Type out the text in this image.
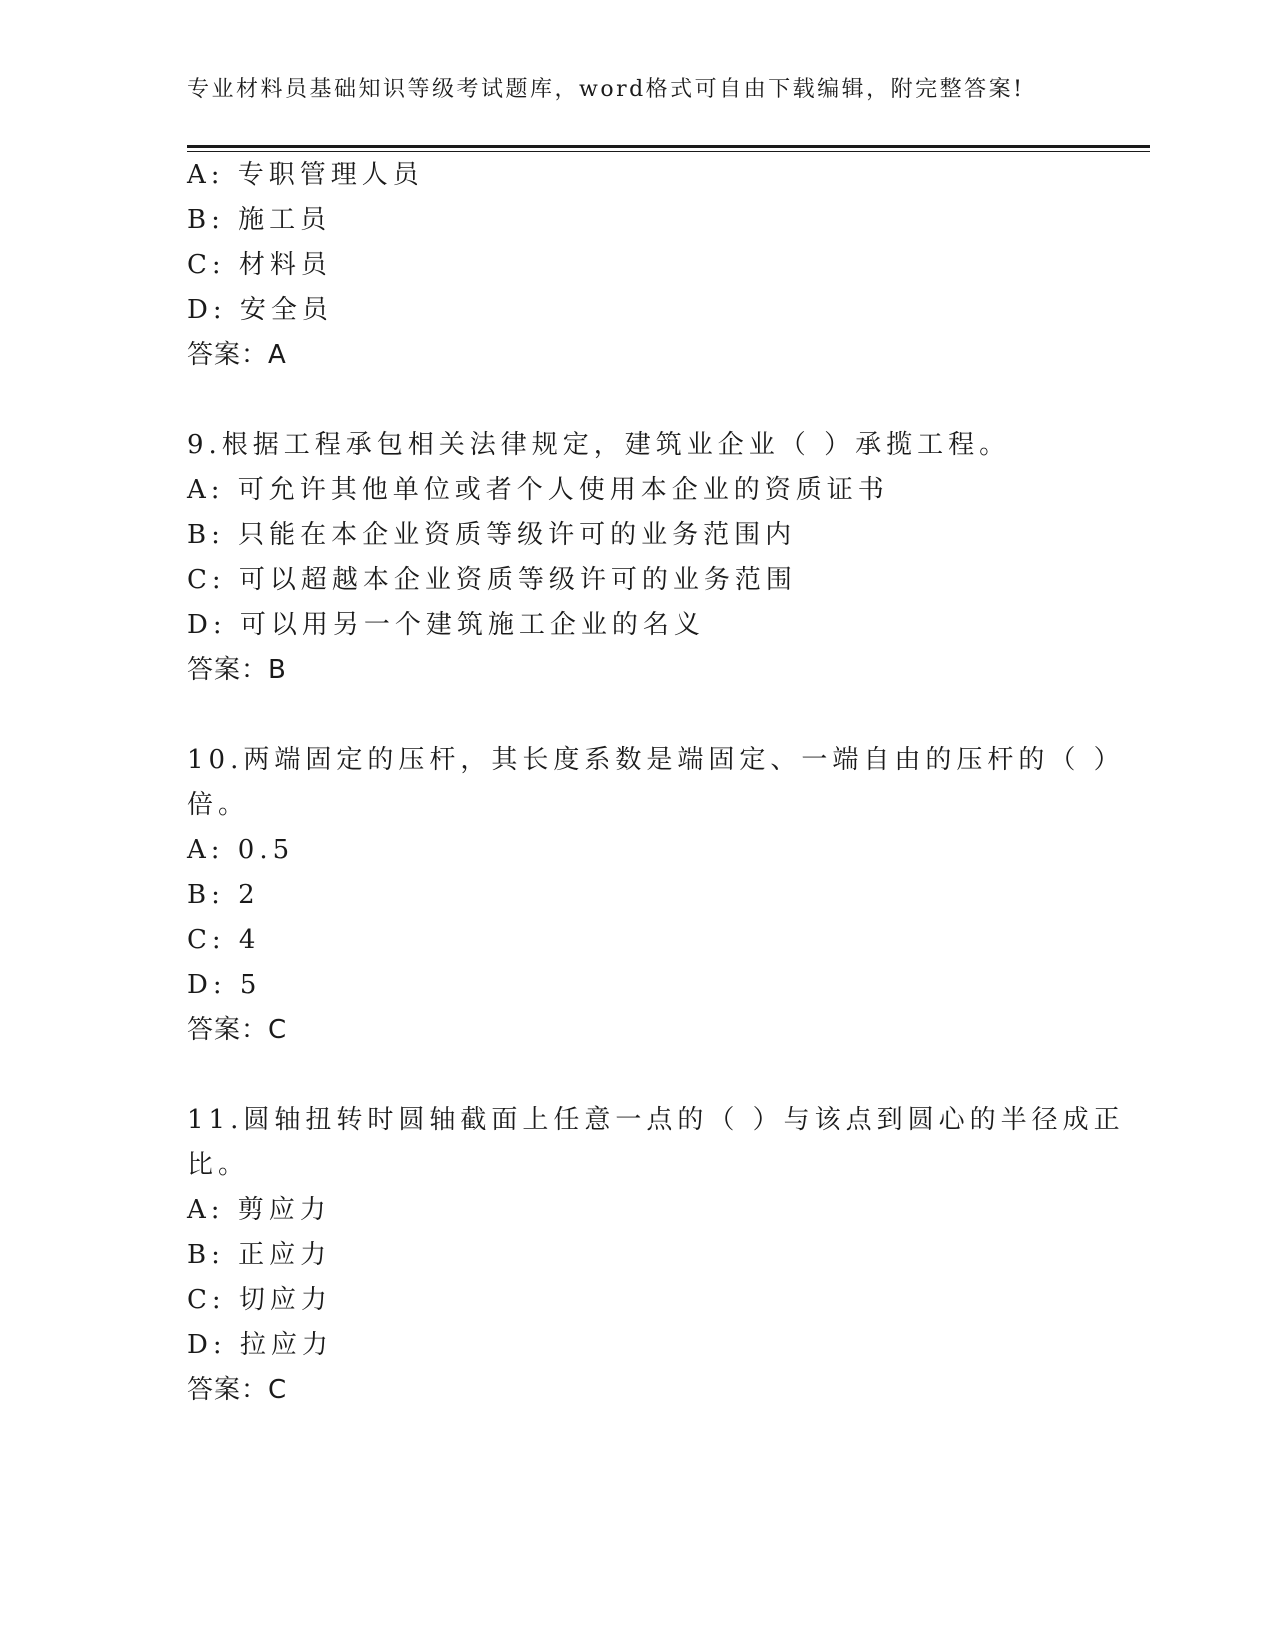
专业材料员基础知识等级考试题库，word格式可自由下载编辑，附完整答案!
A: 专职管理人员
B: 施工员
C: 材料员
D: 安全员
答案：A
9.根据工程承包相关法律规定，建筑业企业（ ）承揽工程。
A: 可允许其他单位或者个人使用本企业的资质证书
B: 只能在本企业资质等级许可的业务范围内
C: 可以超越本企业资质等级许可的业务范围
D: 可以用另一个建筑施工企业的名义
答案：B
10.两端固定的压杆，其长度系数是端固定、一端自由的压杆的（ ）
倍。
A: 0.5
B: 2
C: 4
D: 5
答案：C
11.圆轴扭转时圆轴截面上任意一点的（ ）与该点到圆心的半径成正
比。
A: 剪应力
B: 正应力
C: 切应力
D: 拉应力
答案：C
